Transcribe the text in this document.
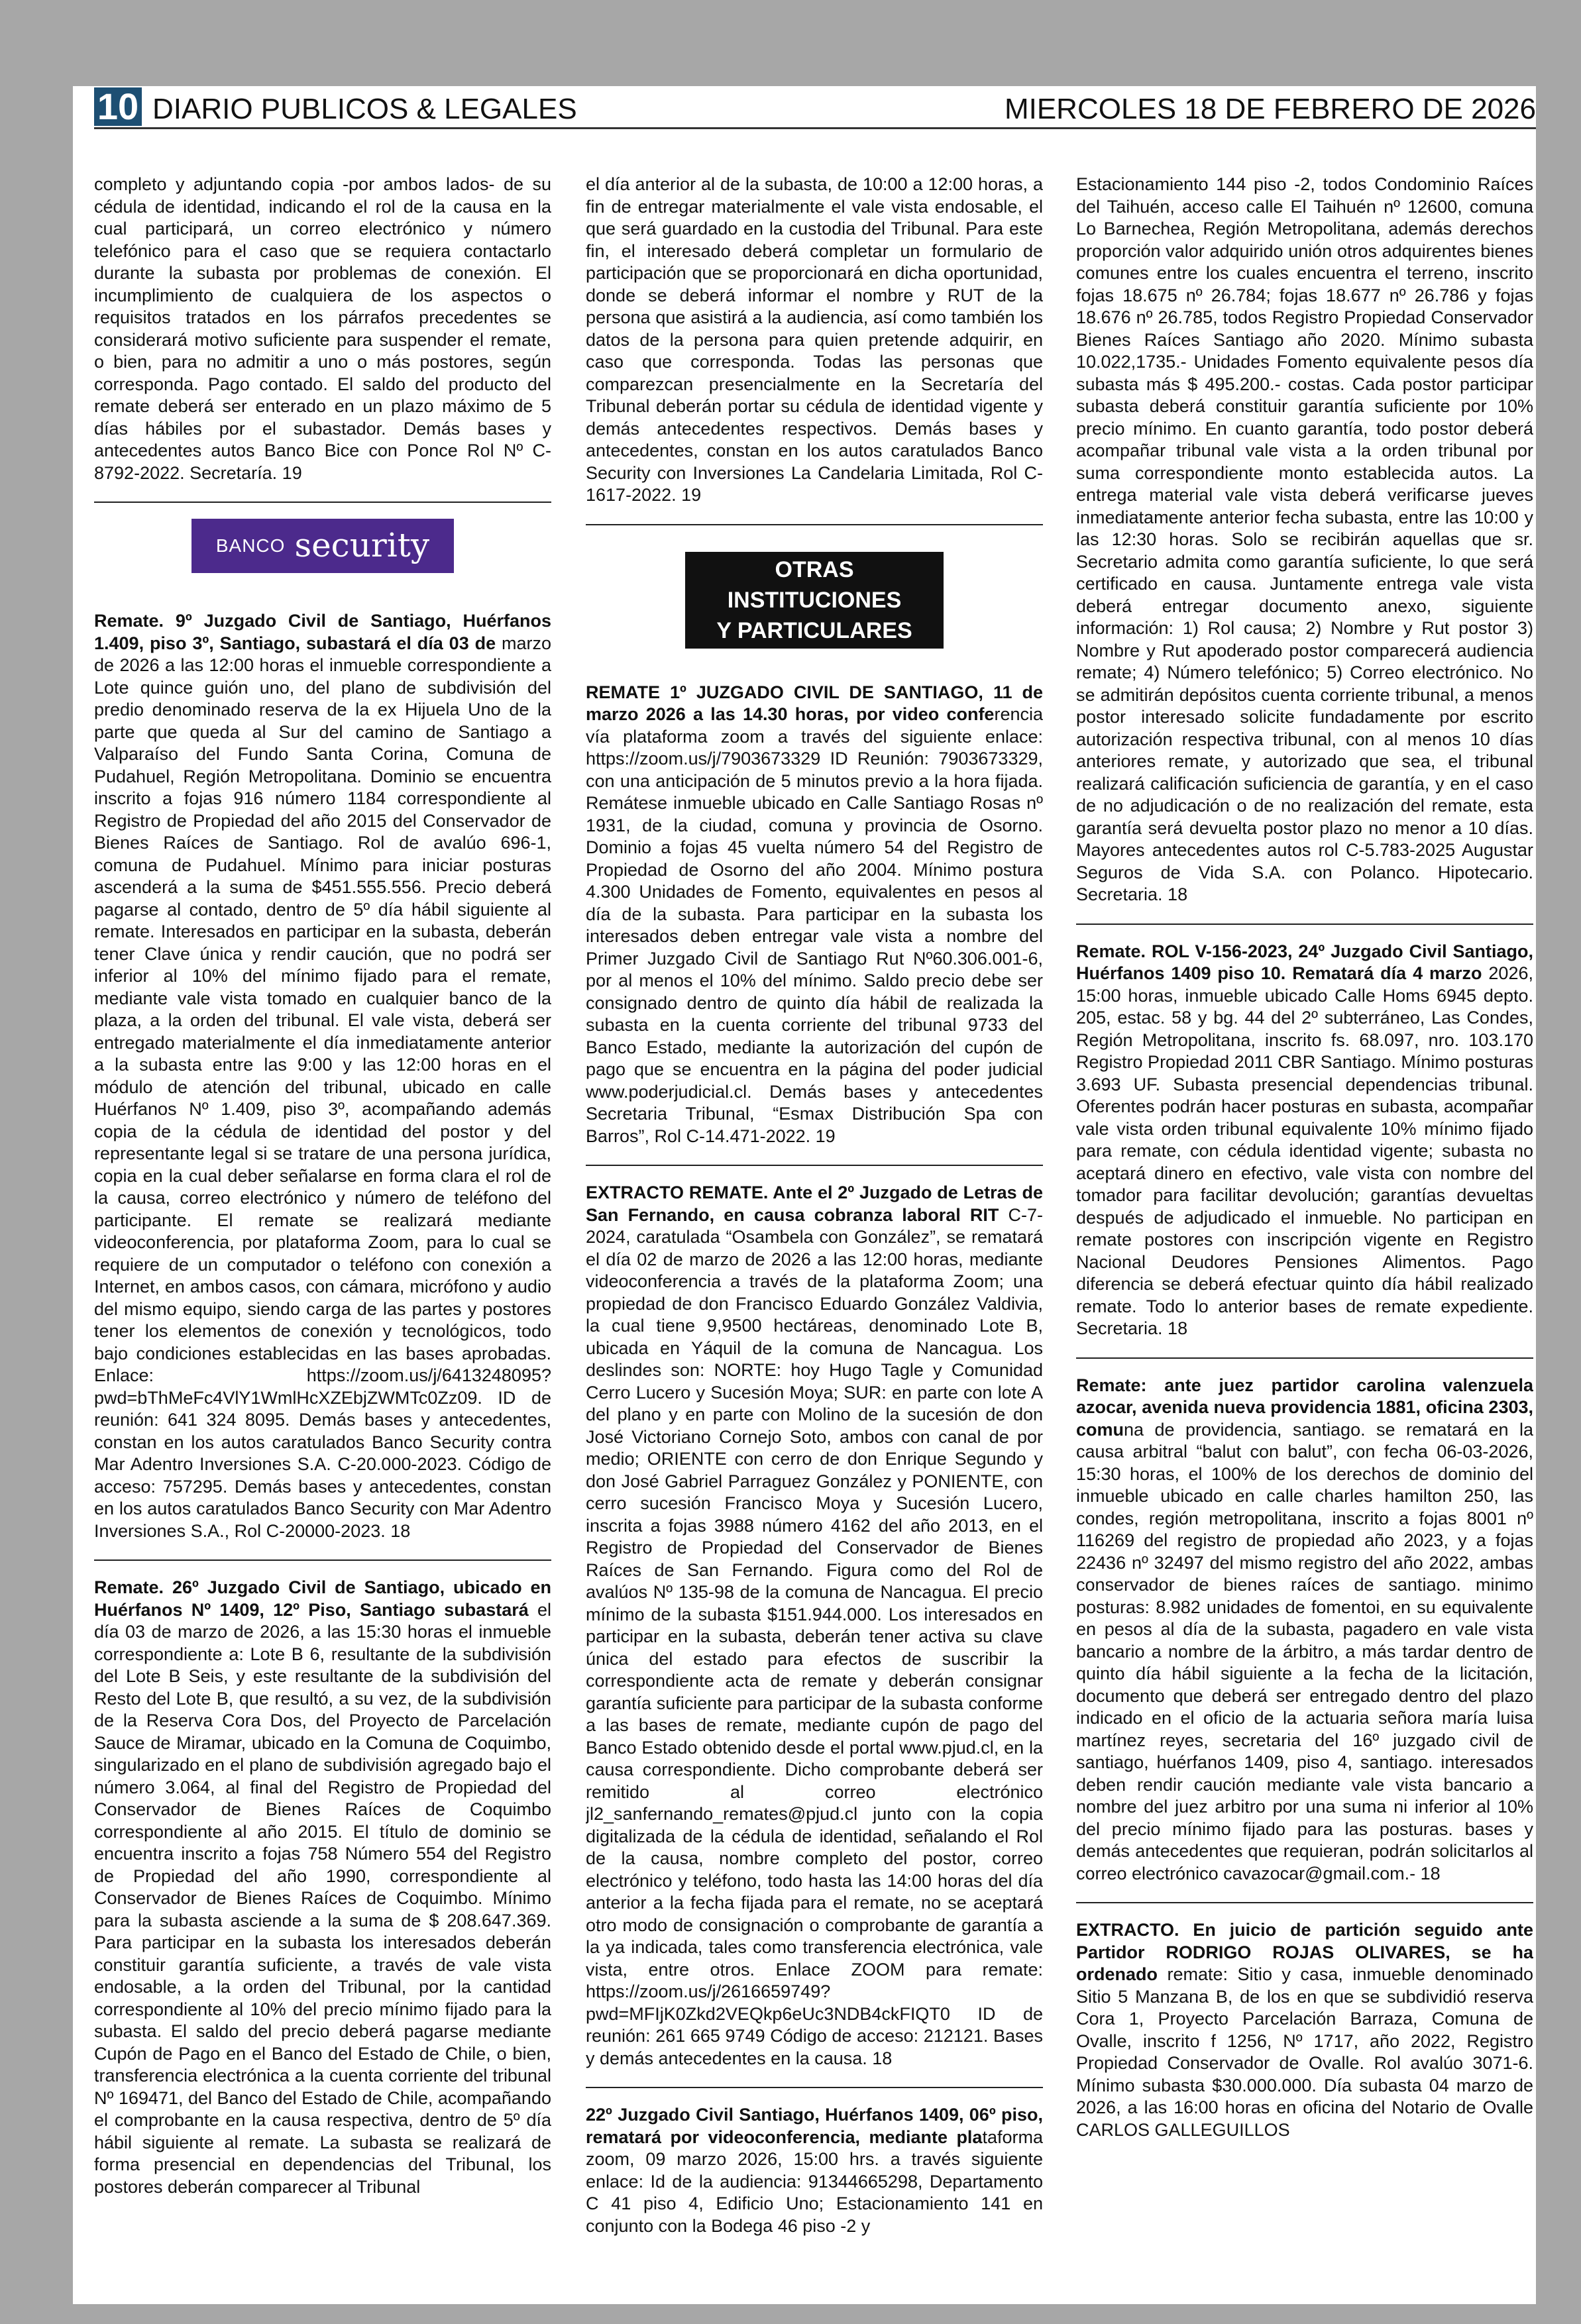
10 DIARIO PUBLICOS & LEGALES	MIERCOLES 18 DE FEBRERO DE 2026

completo y adjuntando copia -por ambos lados- de su cédula de identidad, indicando el rol de la causa en la cual participará, un correo electrónico y número telefónico para el caso que se requiera contactarlo durante la subasta por problemas de conexión. El incumplimiento de cualquiera de los aspectos o requisitos tratados en los párrafos precedentes se considerará motivo suficiente para suspender el remate, o bien, para no admitir a uno o más postores, según corresponda. Pago contado. El saldo del producto del remate deberá ser enterado en un plazo máximo de 5 días hábiles por el subastador. Demás bases y antecedentes autos Banco Bice con Ponce Rol Nº C-8792-2022. Secretaría. 19

BANCO security

Remate. 9º Juzgado Civil de Santiago, Huérfanos 1.409, piso 3º, Santiago, subastará el día 03 de marzo de 2026 a las 12:00 horas el inmueble correspondiente a Lote quince guión uno, del plano de subdivisión del predio denominado reserva de la ex Hijuela Uno de la parte que queda al Sur del camino de Santiago a Valparaíso del Fundo Santa Corina, Comuna de Pudahuel, Región Metropolitana. Dominio se encuentra inscrito a fojas 916 número 1184 correspondiente al Registro de Propiedad del año 2015 del Conservador de Bienes Raíces de Santiago. Rol de avalúo 696-1, comuna de Pudahuel. Mínimo para iniciar posturas ascenderá a la suma de $451.555.556. Precio deberá pagarse al contado, dentro de 5º día hábil siguiente al remate. Interesados en participar en la subasta, deberán tener Clave única y rendir caución, que no podrá ser inferior al 10% del mínimo fijado para el remate, mediante vale vista tomado en cualquier banco de la plaza, a la orden del tribunal. El vale vista, deberá ser entregado materialmente el día inmediatamente anterior a la subasta entre las 9:00 y las 12:00 horas en el módulo de atención del tribunal, ubicado en calle Huérfanos Nº 1.409, piso 3º, acompañando además copia de la cédula de identidad del postor y del representante legal si se tratare de una persona jurídica, copia en la cual deber señalarse en forma clara el rol de la causa, correo electrónico y número de teléfono del participante. El remate se realizará mediante videoconferencia, por plataforma Zoom, para lo cual se requiere de un computador o teléfono con conexión a Internet, en ambos casos, con cámara, micrófono y audio del mismo equipo, siendo carga de las partes y postores tener los elementos de conexión y tecnológicos, todo bajo condiciones establecidas en las bases aprobadas. Enlace: https://zoom.us/j/6413248095?pwd=bThMeFc4VlY1WmlHcXZEbjZWMTc0Zz09. ID de reunión: 641 324 8095. Demás bases y antecedentes, constan en los autos caratulados Banco Security contra Mar Adentro Inversiones S.A. C-20.000-2023. Código de acceso: 757295. Demás bases y antecedentes, constan en los autos caratulados Banco Security con Mar Adentro Inversiones S.A., Rol C-20000-2023. 18

Remate. 26º Juzgado Civil de Santiago, ubicado en Huérfanos Nº 1409, 12º Piso, Santiago subastará el día 03 de marzo de 2026, a las 15:30 horas el inmueble correspondiente a: Lote B 6, resultante de la subdivisión del Lote B Seis, y este resultante de la subdivisión del Resto del Lote B, que resultó, a su vez, de la subdivisión de la Reserva Cora Dos, del Proyecto de Parcelación Sauce de Miramar, ubicado en la Comuna de Coquimbo, singularizado en el plano de subdivisión agregado bajo el número 3.064, al final del Registro de Propiedad del Conservador de Bienes Raíces de Coquimbo correspondiente al año 2015. El título de dominio se encuentra inscrito a fojas 758 Número 554 del Registro de Propiedad del año 1990, correspondiente al Conservador de Bienes Raíces de Coquimbo. Mínimo para la subasta asciende a la suma de $ 208.647.369. Para participar en la subasta los interesados deberán constituir garantía suficiente, a través de vale vista endosable, a la orden del Tribunal, por la cantidad correspondiente al 10% del precio mínimo fijado para la subasta. El saldo del precio deberá pagarse mediante Cupón de Pago en el Banco del Estado de Chile, o bien, transferencia electrónica a la cuenta corriente del tribunal Nº 169471, del Banco del Estado de Chile, acompañando el comprobante en la causa respectiva, dentro de 5º día hábil siguiente al remate. La subasta se realizará de forma presencial en dependencias del Tribunal, los postores deberán comparecer al Tribunal

el día anterior al de la subasta, de 10:00 a 12:00 horas, a fin de entregar materialmente el vale vista endosable, el que será guardado en la custodia del Tribunal. Para este fin, el interesado deberá completar un formulario de participación que se proporcionará en dicha oportunidad, donde se deberá informar el nombre y RUT de la persona que asistirá a la audiencia, así como también los datos de la persona para quien pretende adquirir, en caso que corresponda. Todas las personas que comparezcan presencialmente en la Secretaría del Tribunal deberán portar su cédula de identidad vigente y demás antecedentes respectivos. Demás bases y antecedentes, constan en los autos caratulados Banco Security con Inversiones La Candelaria Limitada, Rol C-1617-2022. 19

OTRAS INSTITUCIONES
Y PARTICULARES

REMATE 1º JUZGADO CIVIL DE SANTIAGO, 11 de marzo 2026 a las 14.30 horas, por video conferencia vía plataforma zoom a través del siguiente enlace: https://zoom.us/j/7903673329 ID Reunión: 7903673329, con una anticipación de 5 minutos previo a la hora fijada. Remátese inmueble ubicado en Calle Santiago Rosas nº 1931, de la ciudad, comuna y provincia de Osorno. Dominio a fojas 45 vuelta número 54 del Registro de Propiedad de Osorno del año 2004. Mínimo postura 4.300 Unidades de Fomento, equivalentes en pesos al día de la subasta. Para participar en la subasta los interesados deben entregar vale vista a nombre del Primer Juzgado Civil de Santiago Rut Nº60.306.001-6, por al menos el 10% del mínimo. Saldo precio debe ser consignado dentro de quinto día hábil de realizada la subasta en la cuenta corriente del tribunal 9733 del Banco Estado, mediante la autorización del cupón de pago que se encuentra en la página del poder judicial www.poderjudicial.cl. Demás bases y antecedentes Secretaria Tribunal, “Esmax Distribución Spa con Barros”, Rol C-14.471-2022. 19

EXTRACTO REMATE. Ante el 2º Juzgado de Letras de San Fernando, en causa cobranza laboral RIT C-7-2024, caratulada “Osambela con González”, se rematará el día 02 de marzo de 2026 a las 12:00 horas, mediante videoconferencia a través de la plataforma Zoom; una propiedad de don Francisco Eduardo González Valdivia, la cual tiene 9,9500 hectáreas, denominado Lote B, ubicada en Yáquil de la comuna de Nancagua. Los deslindes son: NORTE: hoy Hugo Tagle y Comunidad Cerro Lucero y Sucesión Moya; SUR: en parte con lote A del plano y en parte con Molino de la sucesión de don José Victoriano Cornejo Soto, ambos con canal de por medio; ORIENTE con cerro de don Enrique Segundo y don José Gabriel Parraguez González y PONIENTE, con cerro sucesión Francisco Moya y Sucesión Lucero, inscrita a fojas 3988 número 4162 del año 2013, en el Registro de Propiedad del Conservador de Bienes Raíces de San Fernando. Figura como del Rol de avalúos Nº 135-98 de la comuna de Nancagua. El precio mínimo de la subasta $151.944.000. Los interesados en participar en la subasta, deberán tener activa su clave única del estado para efectos de suscribir la correspondiente acta de remate y deberán consignar garantía suficiente para participar de la subasta conforme a las bases de remate, mediante cupón de pago del Banco Estado obtenido desde el portal www.pjud.cl, en la causa correspondiente. Dicho comprobante deberá ser remitido al correo electrónico jl2_sanfernando_remates@pjud.cl junto con la copia digitalizada de la cédula de identidad, señalando el Rol de la causa, nombre completo del postor, correo electrónico y teléfono, todo hasta las 14:00 horas del día anterior a la fecha fijada para el remate, no se aceptará otro modo de consignación o comprobante de garantía a la ya indicada, tales como transferencia electrónica, vale vista, entre otros. Enlace ZOOM para remate: https://zoom.us/j/2616659749?pwd=MFIjK0Zkd2VEQkp6eUc3NDB4ckFIQT0 ID de reunión: 261 665 9749 Código de acceso: 212121. Bases y demás antecedentes en la causa. 18

22º Juzgado Civil Santiago, Huérfanos 1409, 06º piso, rematará por videoconferencia, mediante plataforma zoom, 09 marzo 2026, 15:00 hrs. a través siguiente enlace: Id de la audiencia: 91344665298, Departamento C 41 piso 4, Edificio Uno; Estacionamiento 141 en conjunto con la Bodega 46 piso -2 y

Estacionamiento 144 piso -2, todos Condominio Raíces del Taihuén, acceso calle El Taihuén nº 12600, comuna Lo Barnechea, Región Metropolitana, además derechos proporción valor adquirido unión otros adquirentes bienes comunes entre los cuales encuentra el terreno, inscrito fojas 18.675 nº 26.784; fojas 18.677 nº 26.786 y fojas 18.676 nº 26.785, todos Registro Propiedad Conservador Bienes Raíces Santiago año 2020. Mínimo subasta 10.022,1735.- Unidades Fomento equivalente pesos día subasta más $ 495.200.- costas. Cada postor participar subasta deberá constituir garantía suficiente por 10% precio mínimo. En cuanto garantía, todo postor deberá acompañar tribunal vale vista a la orden tribunal por suma correspondiente monto establecida autos. La entrega material vale vista deberá verificarse jueves inmediatamente anterior fecha subasta, entre las 10:00 y las 12:30 horas. Solo se recibirán aquellas que sr. Secretario admita como garantía suficiente, lo que será certificado en causa. Juntamente entrega vale vista deberá entregar documento anexo, siguiente información: 1) Rol causa; 2) Nombre y Rut postor 3) Nombre y Rut apoderado postor comparecerá audiencia remate; 4) Número telefónico; 5) Correo electrónico. No se admitirán depósitos cuenta corriente tribunal, a menos postor interesado solicite fundadamente por escrito autorización respectiva tribunal, con al menos 10 días anteriores remate, y autorizado que sea, el tribunal realizará calificación suficiencia de garantía, y en el caso de no adjudicación o de no realización del remate, esta garantía será devuelta postor plazo no menor a 10 días. Mayores antecedentes autos rol C-5.783-2025 Augustar Seguros de Vida S.A. con Polanco. Hipotecario. Secretaria. 18

Remate. ROL V-156-2023, 24º Juzgado Civil Santiago, Huérfanos 1409 piso 10. Rematará día 4 marzo 2026, 15:00 horas, inmueble ubicado Calle Homs 6945 depto. 205, estac. 58 y bg. 44 del 2º subterráneo, Las Condes, Región Metropolitana, inscrito fs. 68.097, nro. 103.170 Registro Propiedad 2011 CBR Santiago. Mínimo posturas 3.693 UF. Subasta presencial dependencias tribunal. Oferentes podrán hacer posturas en subasta, acompañar vale vista orden tribunal equivalente 10% mínimo fijado para remate, con cédula identidad vigente; subasta no aceptará dinero en efectivo, vale vista con nombre del tomador para facilitar devolución; garantías devueltas después de adjudicado el inmueble. No participan en remate postores con inscripción vigente en Registro Nacional Deudores Pensiones Alimentos. Pago diferencia se deberá efectuar quinto día hábil realizado remate. Todo lo anterior bases de remate expediente. Secretaria. 18

Remate: ante juez partidor carolina valenzuela azocar, avenida nueva providencia 1881, oficina 2303, comuna de providencia, santiago. se rematará en la causa arbitral “balut con balut”, con fecha 06-03-2026, 15:30 horas, el 100% de los derechos de dominio del inmueble ubicado en calle charles hamilton 250, las condes, región metropolitana, inscrito a fojas 8001 nº 116269 del registro de propiedad año 2023, y a fojas 22436 nº 32497 del mismo registro del año 2022, ambas conservador de bienes raíces de santiago. minimo posturas: 8.982 unidades de fomentoi, en su equivalente en pesos al día de la subasta, pagadero en vale vista bancario a nombre de la árbitro, a más tardar dentro de quinto día hábil siguiente a la fecha de la licitación, documento que deberá ser entregado dentro del plazo indicado en el oficio de la actuaria señora maría luisa martínez reyes, secretaria del 16º juzgado civil de santiago, huérfanos 1409, piso 4, santiago. interesados deben rendir caución mediante vale vista bancario a nombre del juez arbitro por una suma ni inferior al 10% del precio mínimo fijado para las posturas. bases y demás antecedentes que requieran, podrán solicitarlos al correo electrónico cavazocar@gmail.com.- 18

EXTRACTO. En juicio de partición seguido ante Partidor RODRIGO ROJAS OLIVARES, se ha ordenado remate: Sitio y casa, inmueble denominado Sitio 5 Manzana B, de los en que se subdividió reserva Cora 1, Proyecto Parcelación Barraza, Comuna de Ovalle, inscrito f 1256, Nº 1717, año 2022, Registro Propiedad Conservador de Ovalle. Rol avalúo 3071-6. Mínimo subasta $30.000.000. Día subasta 04 marzo de 2026, a las 16:00 horas en oficina del Notario de Ovalle CARLOS GALLEGUILLOS
